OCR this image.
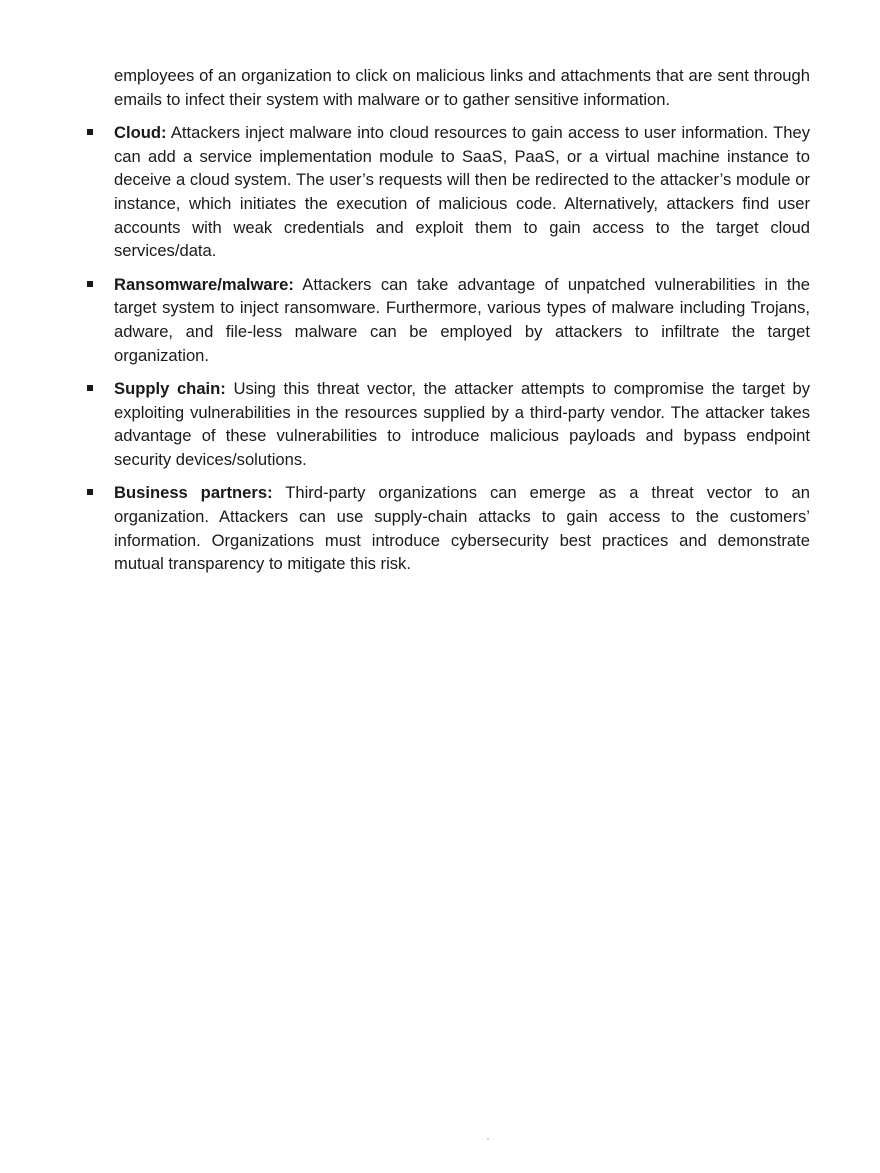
employees of an organization to click on malicious links and attachments that are sent through emails to infect their system with malware or to gather sensitive information.

Cloud: Attackers inject malware into cloud resources to gain access to user information. They can add a service implementation module to SaaS, PaaS, or a virtual machine instance to deceive a cloud system. The user’s requests will then be redirected to the attacker’s module or instance, which initiates the execution of malicious code. Alternatively, attackers find user accounts with weak credentials and exploit them to gain access to the target cloud services/data.

Ransomware/malware: Attackers can take advantage of unpatched vulnerabilities in the target system to inject ransomware. Furthermore, various types of malware including Trojans, adware, and file-less malware can be employed by attackers to infiltrate the target organization.

Supply chain: Using this threat vector, the attacker attempts to compromise the target by exploiting vulnerabilities in the resources supplied by a third-party vendor. The attacker takes advantage of these vulnerabilities to introduce malicious payloads and bypass endpoint security devices/solutions.

Business partners: Third-party organizations can emerge as a threat vector to an organization. Attackers can use supply-chain attacks to gain access to the customers’ information. Organizations must introduce cybersecurity best practices and demonstrate mutual transparency to mitigate this risk.
